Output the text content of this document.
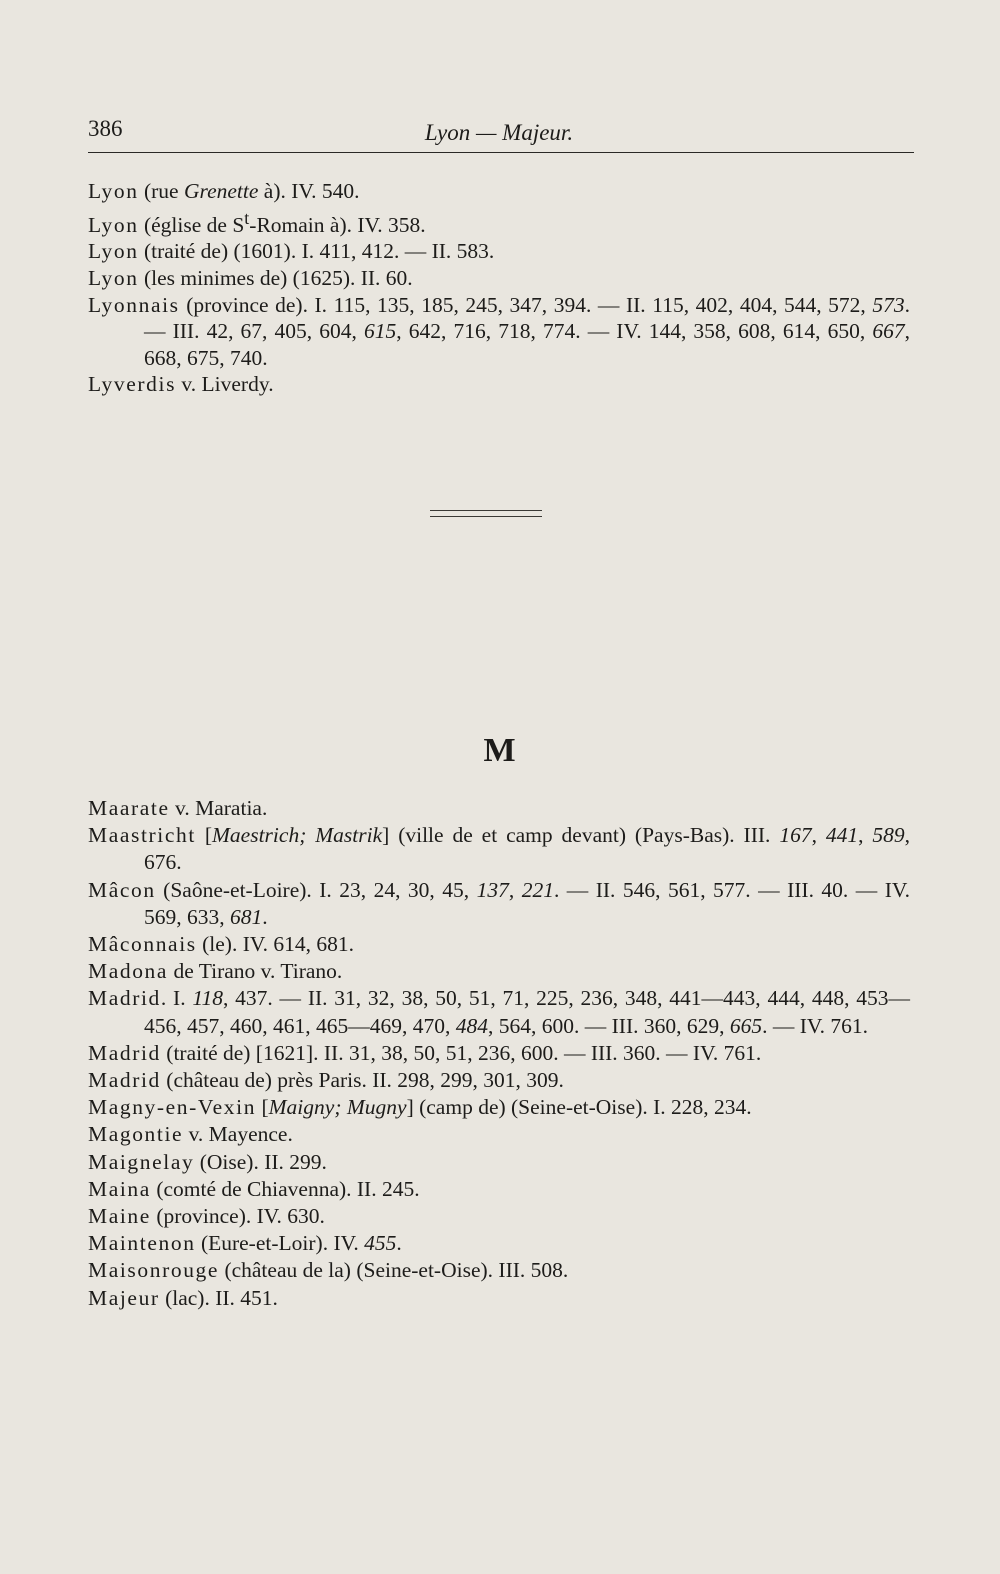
386	Lyon — Majeur.
Lyon (rue Grenette à). IV. 540.
Lyon (église de $S^t$-Romain à). IV. 358.
Lyon (traité de) (1601). I. 411, 412. — II. 583.
Lyon (les minimes de) (1625). II. 60.
Lyonnais (province de). I. 115, 135, 185, 245, 347, 394. — II. 115, 402, 404, 544, 572, 573. — III. 42, 67, 405, 604, 615, 642, 716, 718, 774. — IV. 144, 358, 608, 614, 650, 667, 668, 675, 740.
Lyverdis v. Liverdy.
M
Maarate v. Maratia.
Maastricht [Maestrich; Mastrik] (ville de et camp devant) (Pays-Bas). III. 167, 441, 589, 676.
Mâcon (Saône-et-Loire). I. 23, 24, 30, 45, 137, 221. — II. 546, 561, 577. — III. 40. — IV. 569, 633, 681.
Mâconnais (le). IV. 614, 681.
Madona de Tirano v. Tirano.
Madrid. I. 118, 437. — II. 31, 32, 38, 50, 51, 71, 225, 236, 348, 441—443, 444, 448, 453—456, 457, 460, 461, 465—469, 470, 484, 564, 600. — III. 360, 629, 665. — IV. 761.
Madrid (traité de) [1621]. II. 31, 38, 50, 51, 236, 600. — III. 360. — IV. 761.
Madrid (château de) près Paris. II. 298, 299, 301, 309.
Magny-en-Vexin [Maigny; Mugny] (camp de) (Seine-et-Oise). I. 228, 234.
Magontie v. Mayence.
Maignelay (Oise). II. 299.
Maina (comté de Chiavenna). II. 245.
Maine (province). IV. 630.
Maintenon (Eure-et-Loir). IV. 455.
Maisonrouge (château de la) (Seine-et-Oise). III. 508.
Majeur (lac). II. 451.
